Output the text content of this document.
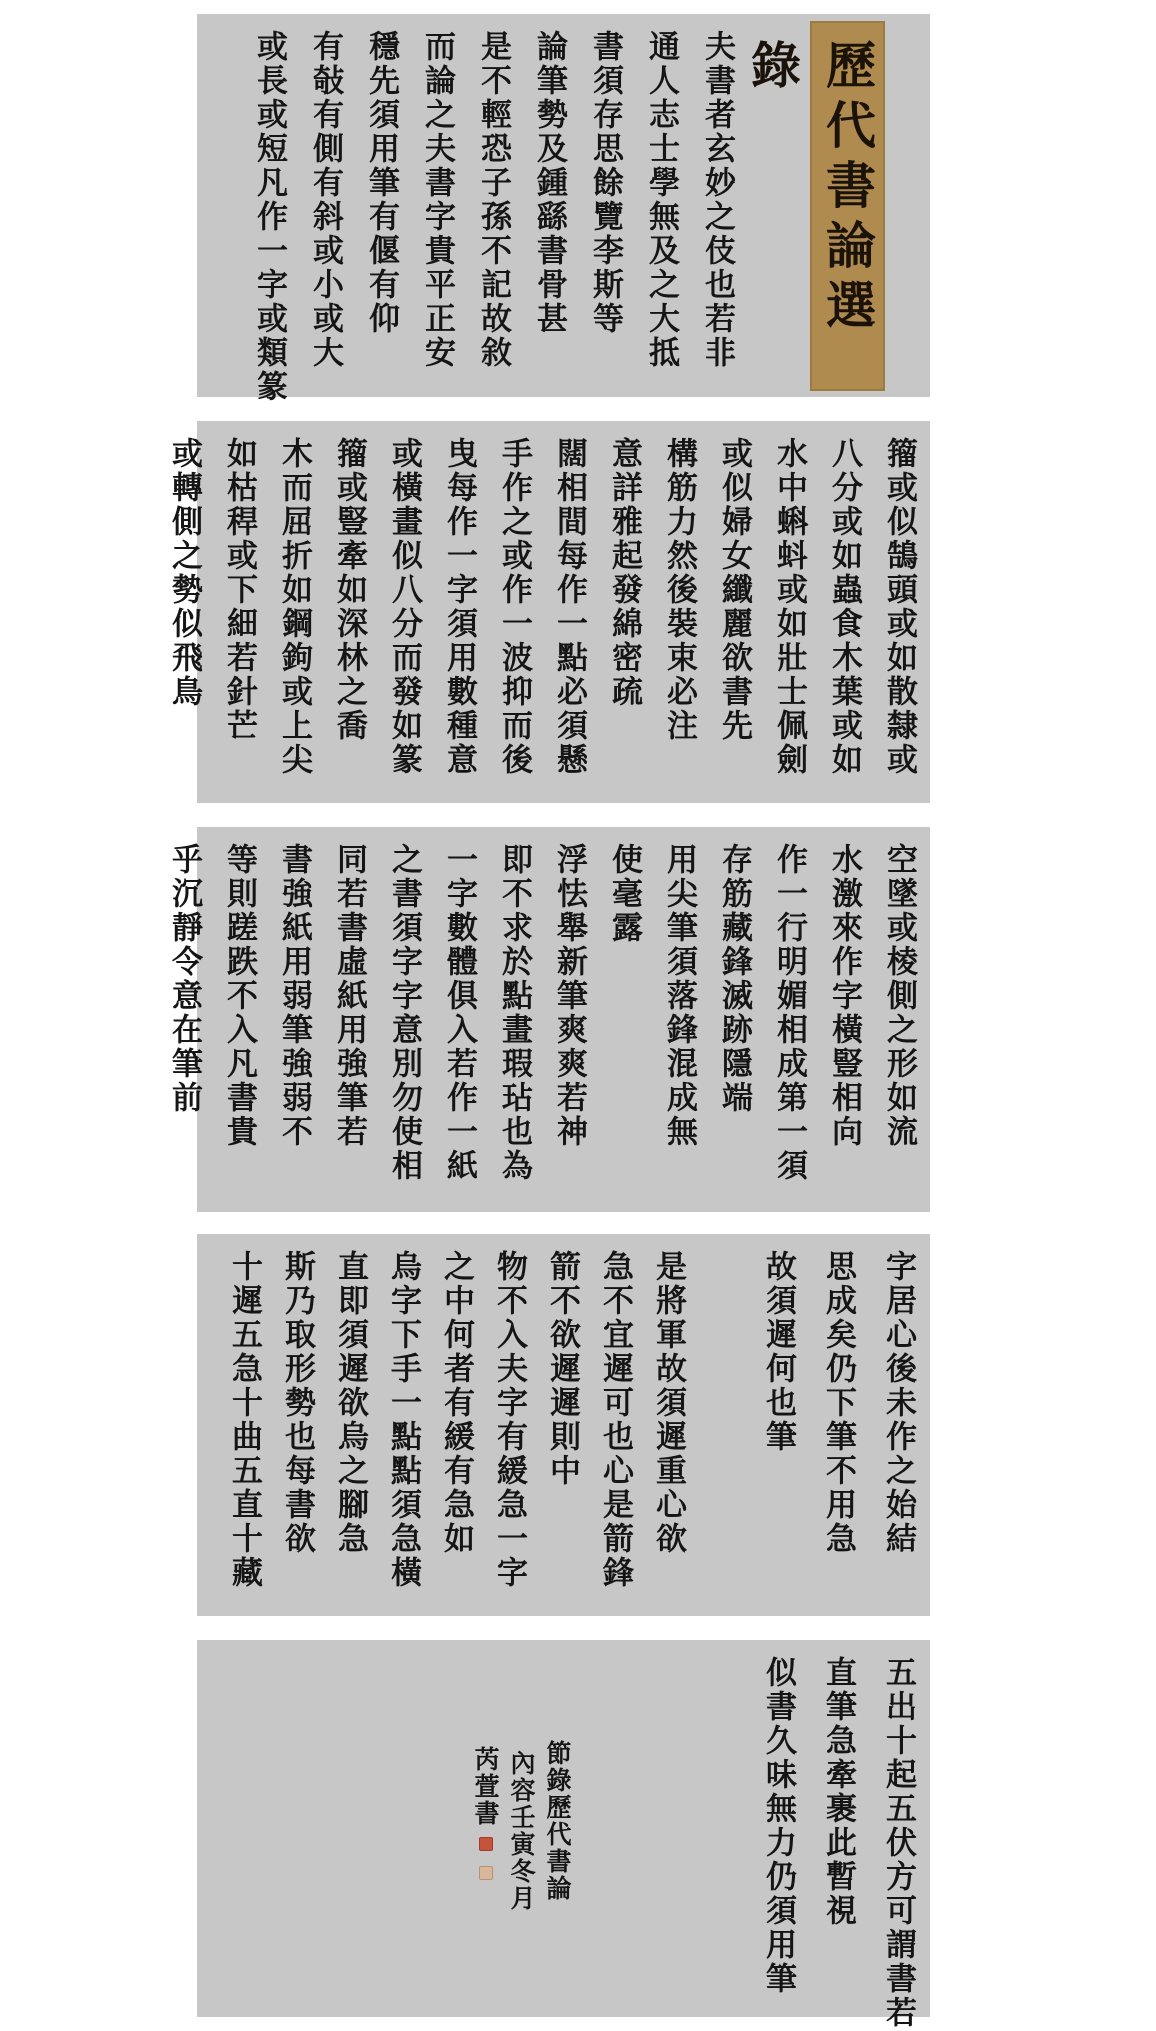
歷代書論選錄
夫書者玄妙之伎也若非
通人志士學無及之大抵
書須存思餘覽李斯等
論筆勢及鍾繇書骨甚
是不輕恐子孫不記故敘
而論之夫書字貴平正安
穩先須用筆有偃有仰
有敧有側有斜或小或大
或長或短凡作一字或類篆
籀或似鵠頭或如散隸或
八分或如蟲食木葉或如
水中蝌蚪或如壯士佩劍
或似婦女纖麗欲書先
構筋力然後裝束必注
意詳雅起發綿密疏
闊相間每作一點必須懸
手作之或作一波抑而後
曳每作一字須用數種意
或橫畫似八分而發如篆
籀或豎牽如深林之喬
木而屈折如鋼鉤或上尖
如枯稈或下細若針芒
或轉側之勢似飛鳥
空墜或棱側之形如流
水激來作字橫豎相向
作一行明媚相成第一須
存筋藏鋒滅跡隱端
用尖筆須落鋒混成無
使毫露
浮怯舉新筆爽爽若神
即不求於點畫瑕玷也為
一字數體俱入若作一紙
之書須字字意別勿使相
同若書虛紙用強筆若
書強紙用弱筆強弱不
等則蹉跌不入凡書貴
乎沉靜令意在筆前
字居心後未作之始結
思成矣仍下筆不用急
故須遲何也筆
是將軍故須遲重心欲
急不宜遲可也心是箭鋒
箭不欲遲遲則中
物不入夫字有緩急一字
之中何者有緩有急如
烏字下手一點點須急橫
直即須遲欲烏之腳急
斯乃取形勢也每書欲
十遲五急十曲五直十藏
五出十起五伏方可謂書若
直筆急牽裹此暫視
似書久味無力仍須用筆
節錄歷代書論
內容壬寅冬月
芮萱書
